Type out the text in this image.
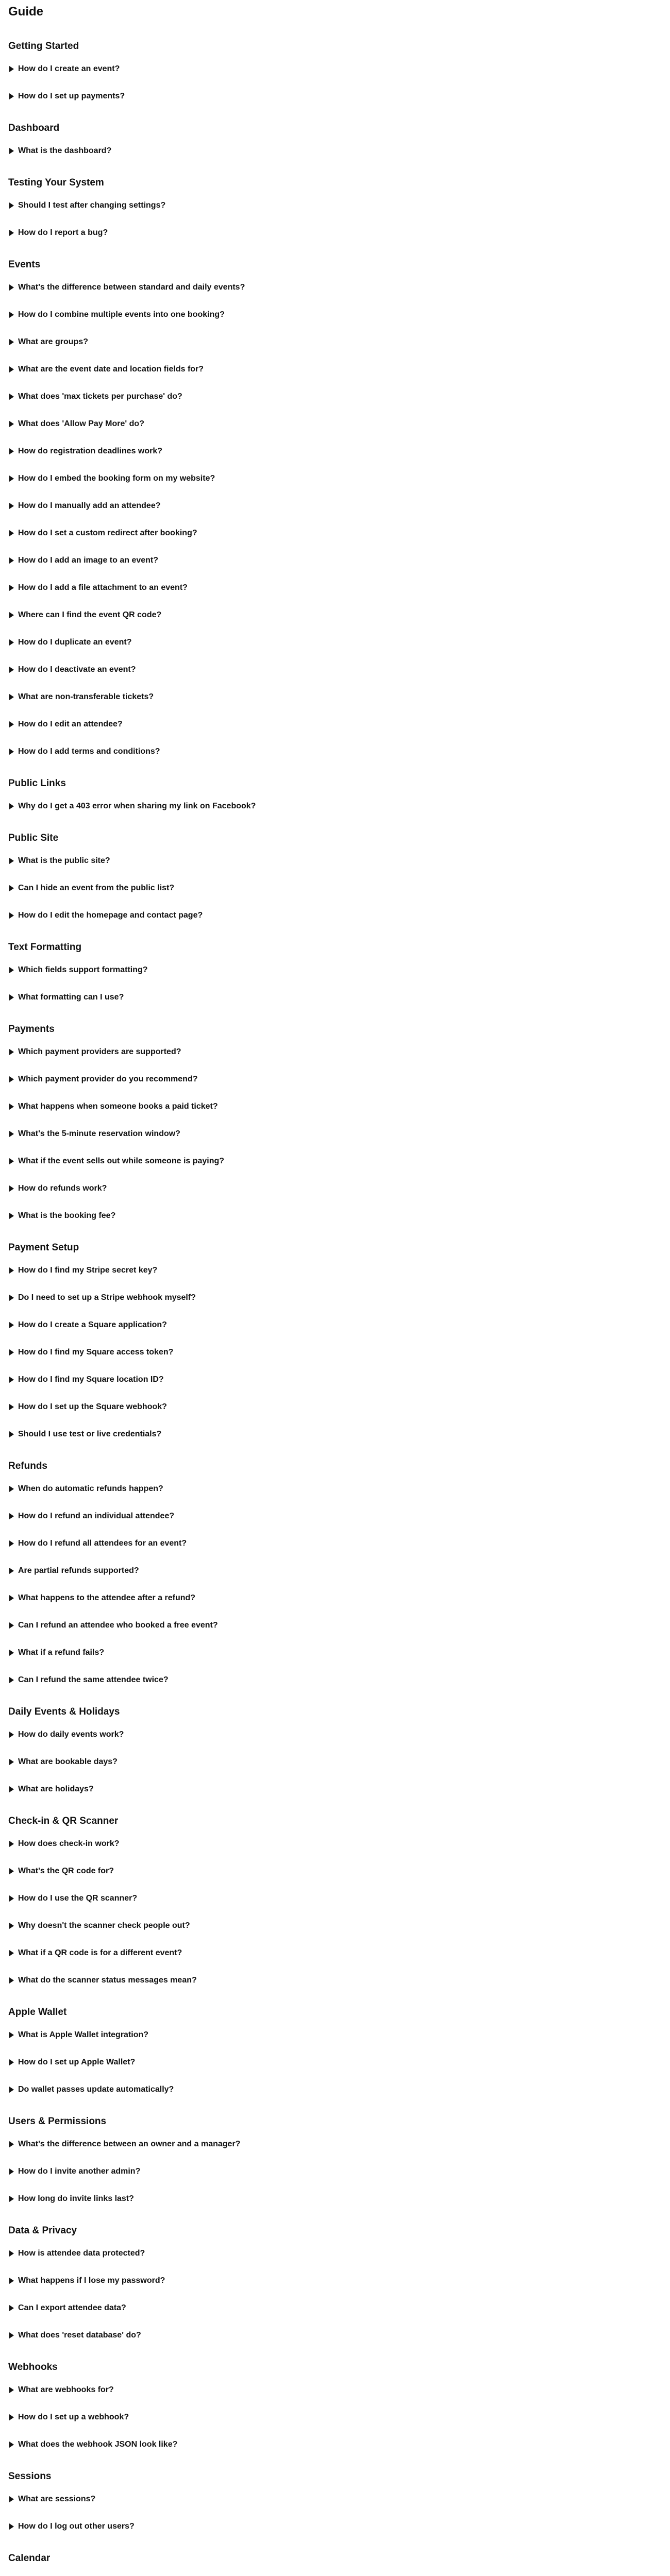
Guide
Getting Started
How do I create an event?
How do I set up payments?
Dashboard
What is the dashboard?
Testing Your System
Should I test after changing settings?
How do I report a bug?
Events
What's the difference between standard and daily events?
How do I combine multiple events into one booking?
What are groups?
What are the event date and location fields for?
What does 'max tickets per purchase' do?
What does 'Allow Pay More' do?
How do registration deadlines work?
How do I embed the booking form on my website?
How do I manually add an attendee?
How do I set a custom redirect after booking?
How do I add an image to an event?
How do I add a file attachment to an event?
Where can I find the event QR code?
How do I duplicate an event?
How do I deactivate an event?
What are non-transferable tickets?
How do I edit an attendee?
How do I add terms and conditions?
Public Links
Why do I get a 403 error when sharing my link on Facebook?
Public Site
What is the public site?
Can I hide an event from the public list?
How do I edit the homepage and contact page?
Text Formatting
Which fields support formatting?
What formatting can I use?
Payments
Which payment providers are supported?
Which payment provider do you recommend?
What happens when someone books a paid ticket?
What's the 5-minute reservation window?
What if the event sells out while someone is paying?
How do refunds work?
What is the booking fee?
Payment Setup
How do I find my Stripe secret key?
Do I need to set up a Stripe webhook myself?
How do I create a Square application?
How do I find my Square access token?
How do I find my Square location ID?
How do I set up the Square webhook?
Should I use test or live credentials?
Refunds
When do automatic refunds happen?
How do I refund an individual attendee?
How do I refund all attendees for an event?
Are partial refunds supported?
What happens to the attendee after a refund?
Can I refund an attendee who booked a free event?
What if a refund fails?
Can I refund the same attendee twice?
Daily Events & Holidays
How do daily events work?
What are bookable days?
What are holidays?
Check-in & QR Scanner
How does check-in work?
What's the QR code for?
How do I use the QR scanner?
Why doesn't the scanner check people out?
What if a QR code is for a different event?
What do the scanner status messages mean?
Apple Wallet
What is Apple Wallet integration?
How do I set up Apple Wallet?
Do wallet passes update automatically?
Users & Permissions
What's the difference between an owner and a manager?
How do I invite another admin?
How long do invite links last?
Data & Privacy
How is attendee data protected?
What happens if I lose my password?
Can I export attendee data?
What does 'reset database' do?
Webhooks
What are webhooks for?
How do I set up a webhook?
What does the webhook JSON look like?
Sessions
What are sessions?
How do I log out other users?
Calendar
